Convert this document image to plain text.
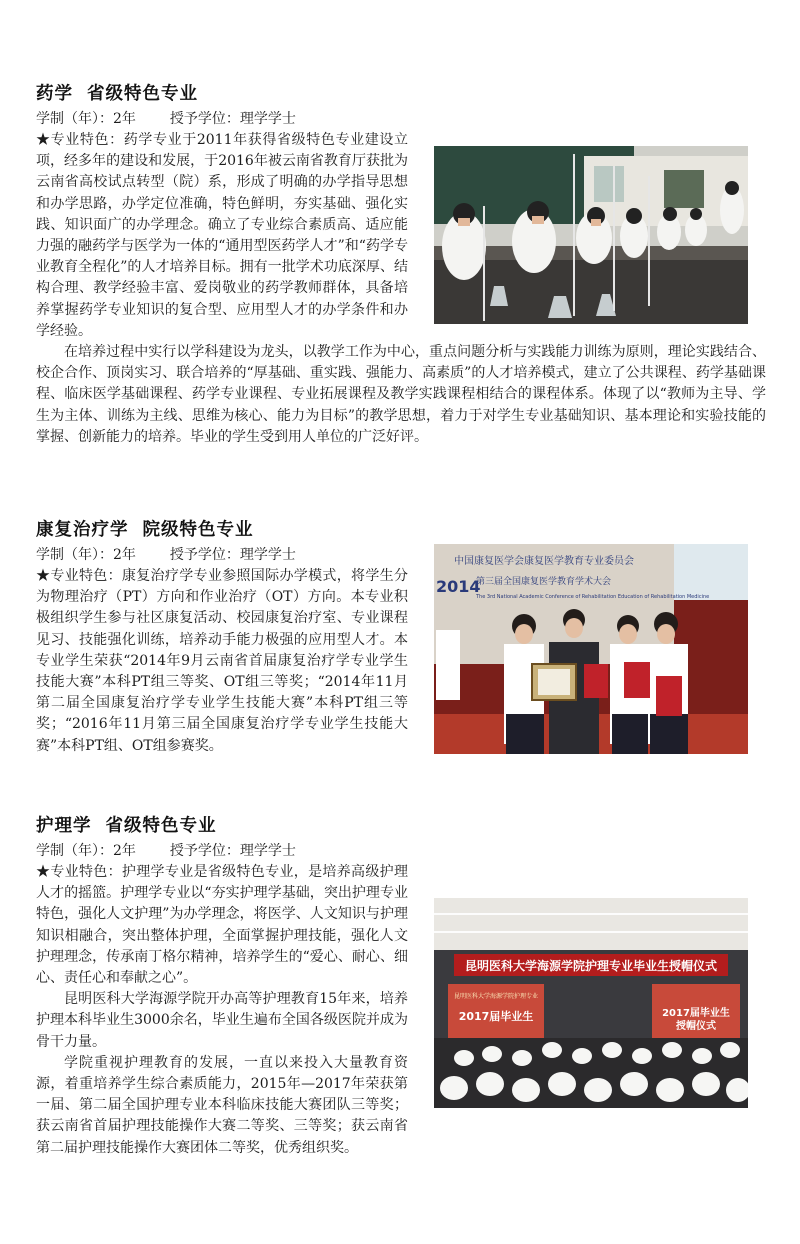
药学 省级特色专业
学制（年）：2年 授予学位：理学学士

★专业特色：药学专业于2011年获得省级特色专业建设立项，经多年的建设和发展，于2016年被云南省教育厅获批为云南省高校试点转型（院）系，形成了明确的办学指导思想和办学思路，办学定位准确，特色鲜明，夯实基础、强化实践、知识面广的办学理念。确立了专业综合素质高、适应能力强的融药学与医学为一体的“通用型医药学人才”和“药学专业教育全程化”的人才培养目标。拥有一批学术功底深厚、结构合理、教学经验丰富、爱岗敬业的药学教师群体，具备培养掌握药学专业知识的复合型、应用型人才的办学条件和办学经验。

在培养过程中实行以学科建设为龙头，以教学工作为中心，重点问题分析与实践能力训练为原则，理论实践结合、校企合作、顶岗实习、联合培养的“厚基础、重实践、强能力、高素质”的人才培养模式，建立了公共课程、药学基础课程、临床医学基础课程、药学专业课程、专业拓展课程及教学实践课程相结合的课程体系。体现了以“教师为主导、学生为主体、训练为主线、思维为核心、能力为目标”的教学思想，着力于对学生专业基础知识、基本理论和实验技能的掌握、创新能力的培养。毕业的学生受到用人单位的广泛好评。

康复治疗学 院级特色专业
学制（年）：2年 授予学位：理学学士

★专业特色：康复治疗学专业参照国际办学模式，将学生分为物理治疗（PT）方向和作业治疗（OT）方向。本专业积极组织学生参与社区康复活动、校园康复治疗室、专业课程见习、技能强化训练，培养动手能力极强的应用型人才。本专业学生荣获“2014年9月云南省首届康复治疗学专业学生技能大赛”本科PT组三等奖、OT组三等奖；“2014年11月第二届全国康复治疗学专业学生技能大赛”本科PT组三等奖；“2016年11月第三届全国康复治疗学专业学生技能大赛”本科PT组、OT组参赛奖。

中国康复医学会康复医学教育专业委员会
2014
第三届全国康复医学教育学术大会
The 3rd National Academic Conference of Rehabilitation Education of Rehabilitation Medicine
护理学 省级特色专业
学制（年）：2年 授予学位：理学学士

★专业特色：护理学专业是省级特色专业，是培养高级护理人才的摇篮。护理学专业以“夯实护理学基础，突出护理专业特色，强化人文护理”为办学理念，将医学、人文知识与护理知识相融合，突出整体护理，全面掌握护理技能，强化人文护理理念，传承南丁格尔精神，培养学生的“爱心、耐心、细心、责任心和奉献之心”。

昆明医科大学海源学院开办高等护理教育15年来，培养护理本科毕业生3000余名，毕业生遍布全国各级医院并成为骨干力量。

学院重视护理教育的发展，一直以来投入大量教育资源，着重培养学生综合素质能力，2015年—2017年荣获第一届、第二届全国护理专业本科临床技能大赛团队三等奖；获云南省首届护理技能操作大赛二等奖、三等奖；获云南省第二届护理技能操作大赛团体二等奖，优秀组织奖。

昆明医科大学海源学院护理专业毕业生授帽仪式
昆明医科大学海源学院护理专业
2017届毕业生	2017届毕业生授帽仪式
